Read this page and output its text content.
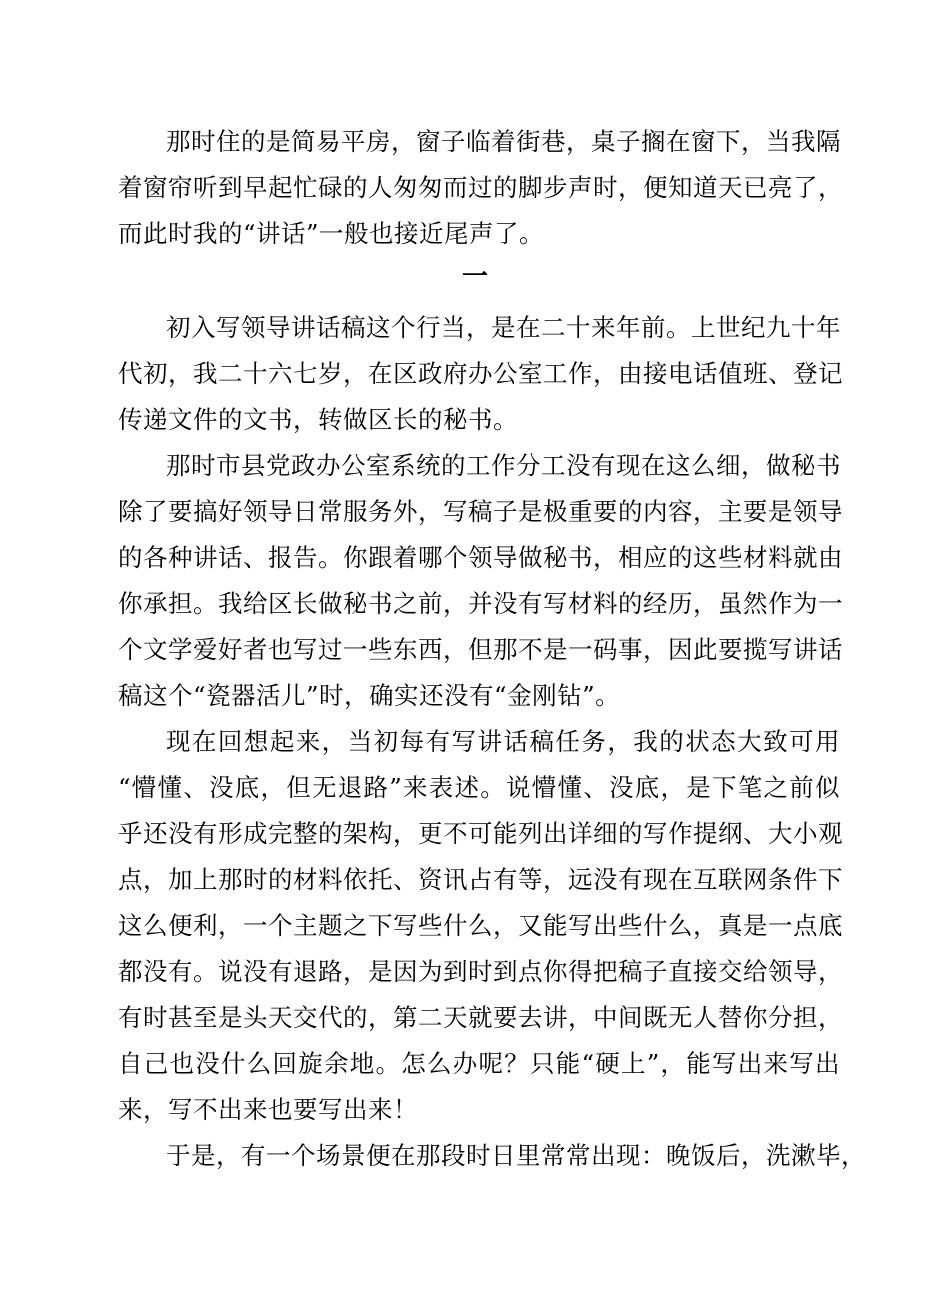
那时住的是简易平房，窗子临着街巷，桌子搁在窗下，当我隔
着窗帘听到早起忙碌的人匆匆而过的脚步声时，便知道天已亮了，
而此时我的“讲话”一般也接近尾声了。
一
初入写领导讲话稿这个行当，是在二十来年前。上世纪九十年
代初，我二十六七岁，在区政府办公室工作，由接电话值班、登记
传递文件的文书，转做区长的秘书。
那时市县党政办公室系统的工作分工没有现在这么细，做秘书
除了要搞好领导日常服务外，写稿子是极重要的内容，主要是领导
的各种讲话、报告。你跟着哪个领导做秘书，相应的这些材料就由
你承担。我给区长做秘书之前，并没有写材料的经历，虽然作为一
个文学爱好者也写过一些东西，但那不是一码事，因此要揽写讲话
稿这个“瓷器活儿”时，确实还没有“金刚钻”。
现在回想起来，当初每有写讲话稿任务，我的状态大致可用
“懵懂、没底，但无退路”来表述。说懵懂、没底，是下笔之前似
乎还没有形成完整的架构，更不可能列出详细的写作提纲、大小观
点，加上那时的材料依托、资讯占有等，远没有现在互联网条件下
这么便利，一个主题之下写些什么，又能写出些什么，真是一点底
都没有。说没有退路，是因为到时到点你得把稿子直接交给领导，
有时甚至是头天交代的，第二天就要去讲，中间既无人替你分担，
自己也没什么回旋余地。怎么办呢？只能“硬上”，能写出来写出
来，写不出来也要写出来！
于是，有一个场景便在那段时日里常常出现：晚饭后，洗漱毕，
